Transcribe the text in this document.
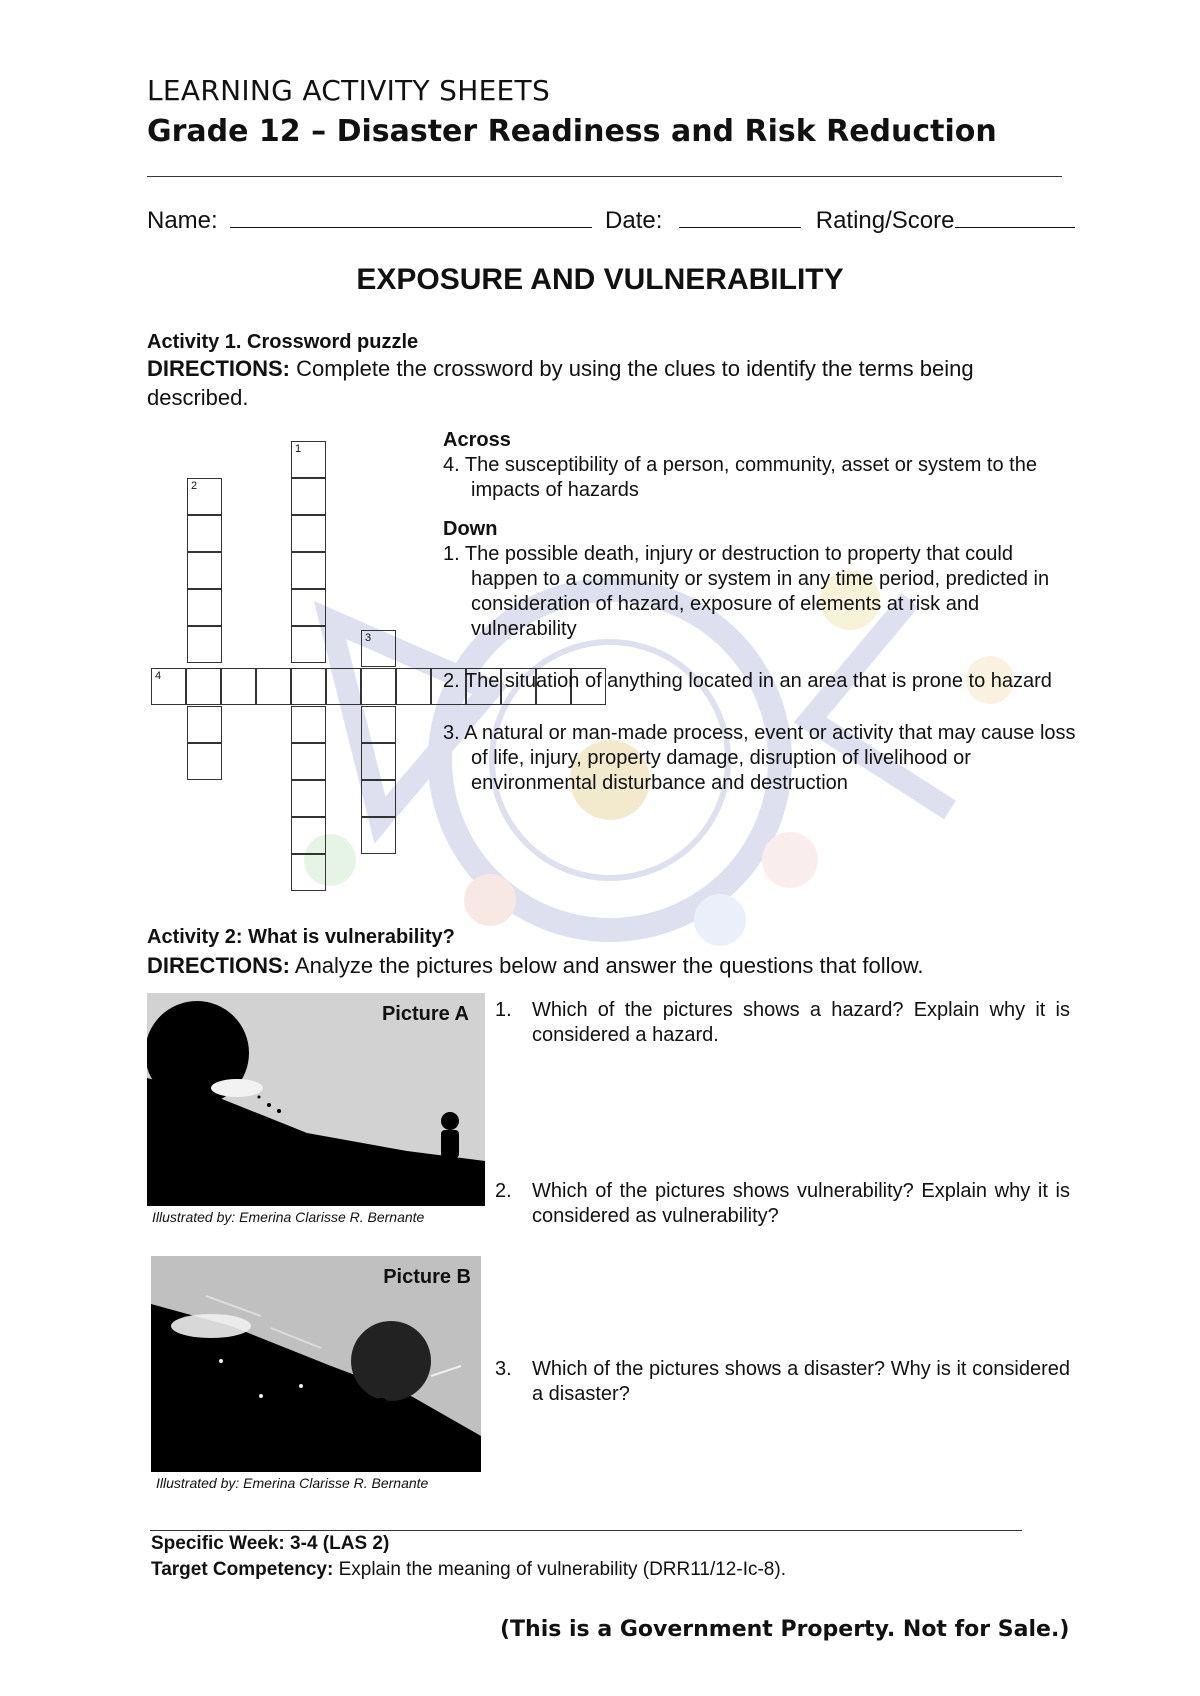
LEARNING ACTIVITY SHEETS
Grade 12 – Disaster Readiness and Risk Reduction
Name:	Date:	Rating/Score
EXPOSURE AND VULNERABILITY
Activity 1. Crossword puzzle
DIRECTIONS: Complete the crossword by using the clues to identify the terms being described.
1
2
3
4
Across
4. The susceptibility of a person, community, asset or system to the impacts of hazards
Down
1. The possible death, injury or destruction to property that could happen to a community or system in any time period, predicted in consideration of hazard, exposure of elements at risk and vulnerability
2. The situation of anything located in an area that is prone to hazard
3. A natural or man-made process, event or activity that may cause loss of life, injury, property damage, disruption of livelihood or environmental disturbance and destruction
Activity 2: What is vulnerability?
DIRECTIONS: Analyze the pictures below and answer the questions that follow.
Picture A
Illustrated by: Emerina Clarisse R. Bernante
Picture B
Illustrated by: Emerina Clarisse R. Bernante
1. Which of the pictures shows a hazard? Explain why it is considered a hazard.
2. Which of the pictures shows vulnerability? Explain why it is considered as vulnerability?
3. Which of the pictures shows a disaster? Why is it considered a disaster?
Specific Week: 3-4 (LAS 2)
Target Competency: Explain the meaning of vulnerability (DRR11/12-Ic-8).
(This is a Government Property. Not for Sale.)
